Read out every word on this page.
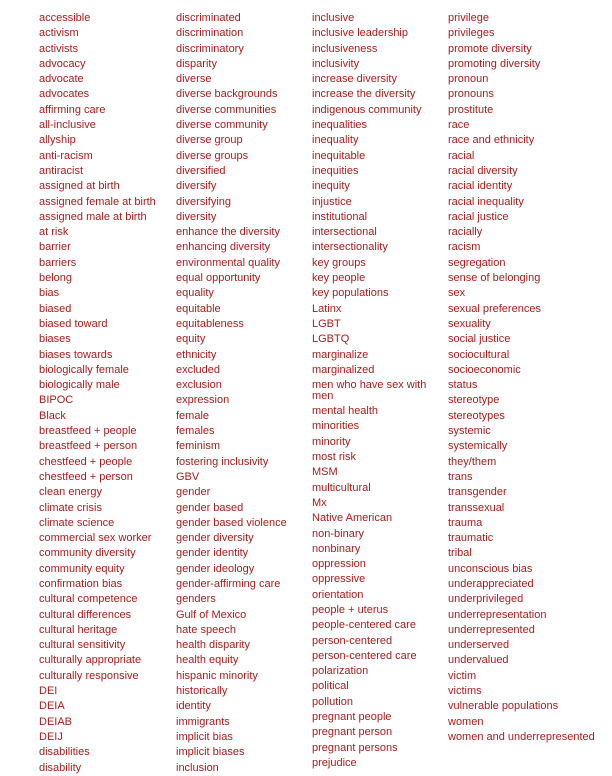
accessible
activism
activists
advocacy
advocate
advocates
affirming care
all-inclusive
allyship
anti-racism
antiracist
assigned at birth
assigned female at birth
assigned male at birth
at risk
barrier
barriers
belong
bias
biased
biased toward
biases
biases towards
biologically female
biologically male
BIPOC
Black
breastfeed + people
breastfeed + person
chestfeed + people
chestfeed + person
clean energy
climate crisis
climate science
commercial sex worker
community diversity
community equity
confirmation bias
cultural competence
cultural differences
cultural heritage
cultural sensitivity
culturally appropriate
culturally responsive
DEI
DEIA
DEIAB
DEIJ
disabilities
disability
discriminated
discrimination
discriminatory
disparity
diverse
diverse backgrounds
diverse communities
diverse community
diverse group
diverse groups
diversified
diversify
diversifying
diversity
enhance the diversity
enhancing diversity
environmental quality
equal opportunity
equality
equitable
equitableness
equity
ethnicity
excluded
exclusion
expression
female
females
feminism
fostering inclusivity
GBV
gender
gender based
gender based violence
gender diversity
gender identity
gender ideology
gender-affirming care
genders
Gulf of Mexico
hate speech
health disparity
health equity
hispanic minority
historically
identity
immigrants
implicit bias
implicit biases
inclusion
inclusive
inclusive leadership
inclusiveness
inclusivity
increase diversity
increase the diversity
indigenous community
inequalities
inequality
inequitable
inequities
inequity
injustice
institutional
intersectional
intersectionality
key groups
key people
key populations
Latinx
LGBT
LGBTQ
marginalize
marginalized
men who have sex with men
mental health
minorities
minority
most risk
MSM
multicultural
Mx
Native American
non-binary
nonbinary
oppression
oppressive
orientation
people + uterus
people-centered care
person-centered
person-centered care
polarization
political
pollution
pregnant people
pregnant person
pregnant persons
prejudice
privilege
privileges
promote diversity
promoting diversity
pronoun
pronouns
prostitute
race
race and ethnicity
racial
racial diversity
racial identity
racial inequality
racial justice
racially
racism
segregation
sense of belonging
sex
sexual preferences
sexuality
social justice
sociocultural
socioeconomic
status
stereotype
stereotypes
systemic
systemically
they/them
trans
transgender
transsexual
trauma
traumatic
tribal
unconscious bias
underappreciated
underprivileged
underrepresentation
underrepresented
underserved
undervalued
victim
victims
vulnerable populations
women
women and underrepresented
